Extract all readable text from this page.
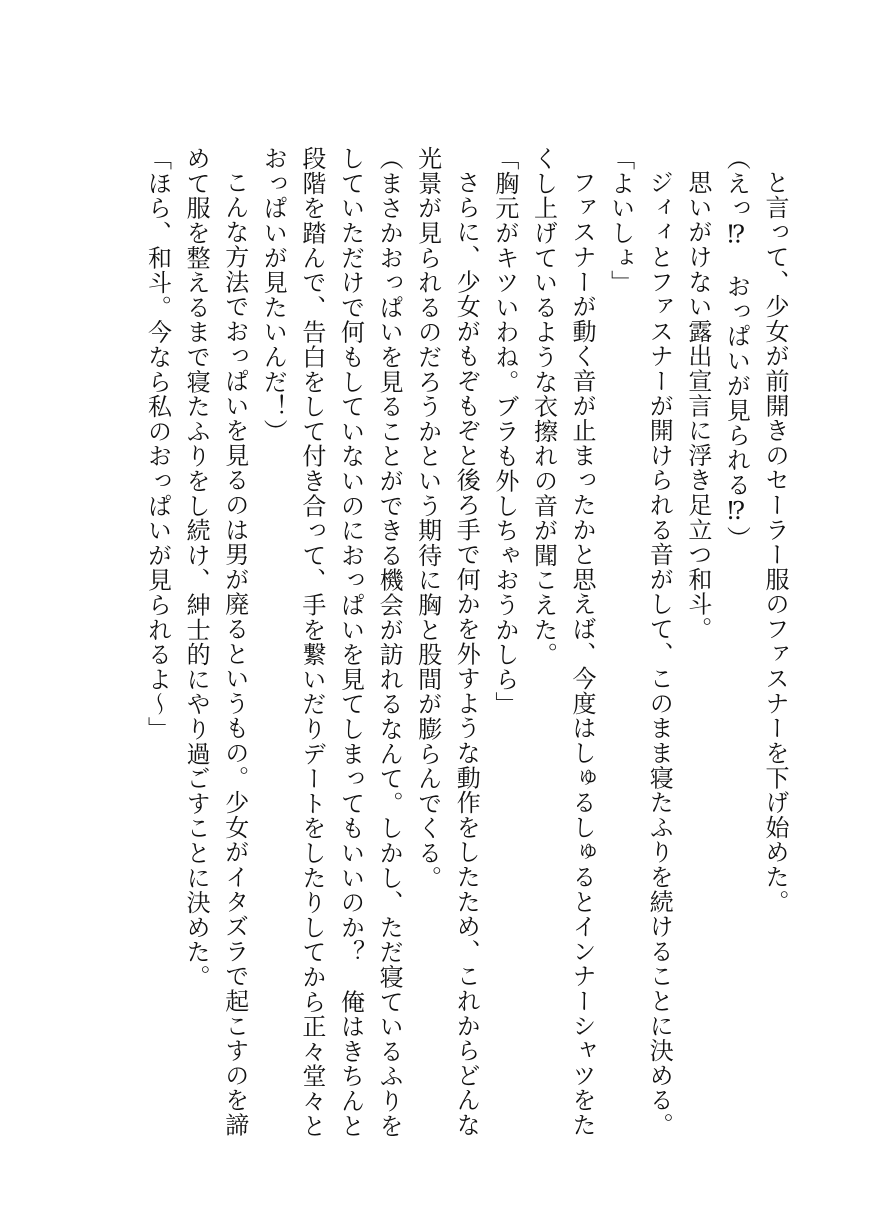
と言って、少女が前開きのセーラー服のファスナーを下げ始めた。
（えっ⁉　おっぱいが見られる⁉）
思いがけない露出宣言に浮き足立つ和斗。
ジィィとファスナーが開けられる音がして、このまま寝たふりを続けることに決める。
「よいしょ」
ファスナーが動く音が止まったかと思えば、今度はしゅるしゅるとインナーシャツをた
くし上げているような衣擦れの音が聞こえた。
「胸元がキツいわね。ブラも外しちゃおうかしら」
さらに、少女がもぞもぞと後ろ手で何かを外すような動作をしたため、これからどんな
光景が見られるのだろうかという期待に胸と股間が膨らんでくる。
（まさかおっぱいを見ることができる機会が訪れるなんて。しかし、ただ寝ているふりを
していただけで何もしていないのにおっぱいを見てしまってもいいのか？　俺はきちんと
段階を踏んで、告白をして付き合って、手を繋いだりデートをしたりしてから正々堂々と
おっぱいが見たいんだ！）
こんな方法でおっぱいを見るのは男が廃るというもの。少女がイタズラで起こすのを諦
めて服を整えるまで寝たふりをし続け、紳士的にやり過ごすことに決めた。
「ほら、和斗。今なら私のおっぱいが見られるよ～」
